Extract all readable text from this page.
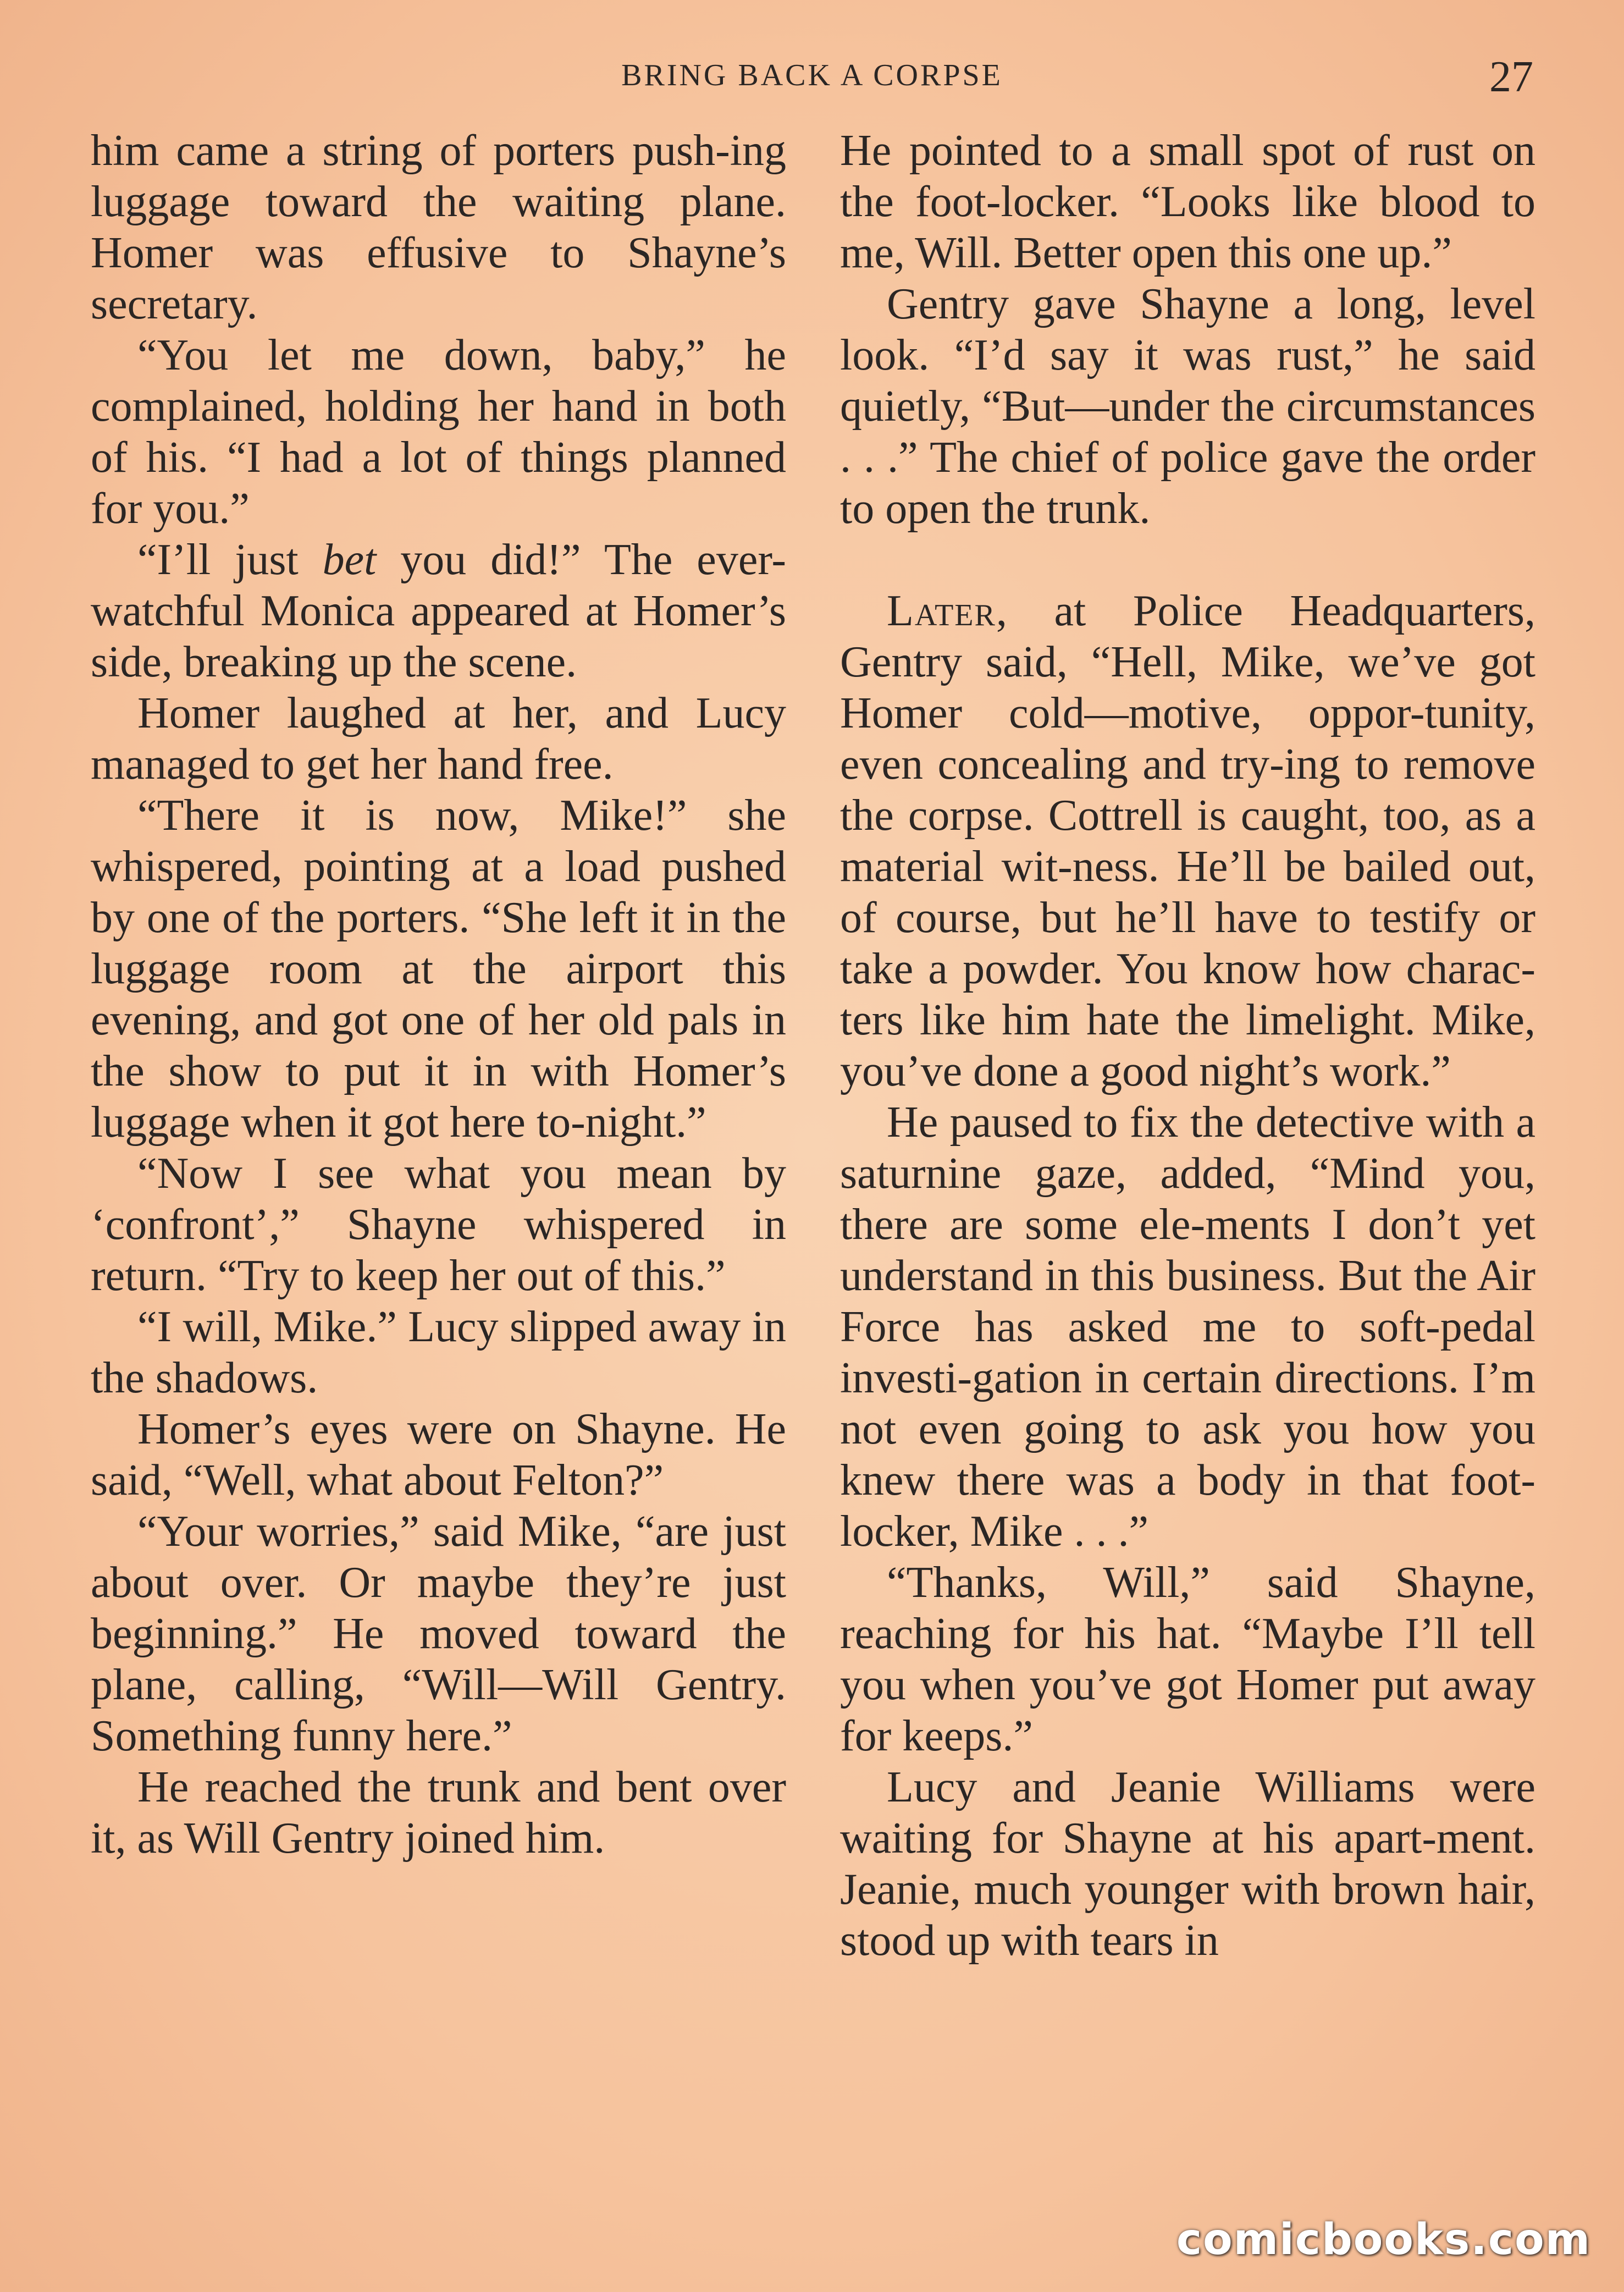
BRING BACK A CORPSE	27

him came a string of porters push-ing luggage toward the waiting plane. Homer was effusive to Shayne’s secretary.

“You let me down, baby,” he complained, holding her hand in both of his. “I had a lot of things planned for you.”

“I’ll just bet you did!” The ever-watchful Monica appeared at Homer’s side, breaking up the scene.

Homer laughed at her, and Lucy managed to get her hand free.

“There it is now, Mike!” she whispered, pointing at a load pushed by one of the porters. “She left it in the luggage room at the airport this evening, and got one of her old pals in the show to put it in with Homer’s luggage when it got here to-night.”

“Now I see what you mean by ‘confront’,” Shayne whispered in return. “Try to keep her out of this.”

“I will, Mike.” Lucy slipped away in the shadows.

Homer’s eyes were on Shayne. He said, “Well, what about Felton?”

“Your worries,” said Mike, “are just about over. Or maybe they’re just beginning.” He moved toward the plane, calling, “Will—Will Gentry. Something funny here.”

He reached the trunk and bent over it, as Will Gentry joined him.

He pointed to a small spot of rust on the foot-locker. “Looks like blood to me, Will. Better open this one up.”

Gentry gave Shayne a long, level look. “I’d say it was rust,” he said quietly, “But—under the circumstances . . .” The chief of police gave the order to open the trunk.

Later, at Police Headquarters, Gentry said, “Hell, Mike, we’ve got Homer cold—motive, oppor-tunity, even concealing and try-ing to remove the corpse. Cottrell is caught, too, as a material wit-ness. He’ll be bailed out, of course, but he’ll have to testify or take a powder. You know how charac-ters like him hate the limelight. Mike, you’ve done a good night’s work.”

He paused to fix the detective with a saturnine gaze, added, “Mind you, there are some ele-ments I don’t yet understand in this business. But the Air Force has asked me to soft-pedal investi-gation in certain directions. I’m not even going to ask you how you knew there was a body in that foot-locker, Mike . . .”

“Thanks, Will,” said Shayne, reaching for his hat. “Maybe I’ll tell you when you’ve got Homer put away for keeps.”

Lucy and Jeanie Williams were waiting for Shayne at his apart-ment. Jeanie, much younger with brown hair, stood up with tears in

comicbooks.com
